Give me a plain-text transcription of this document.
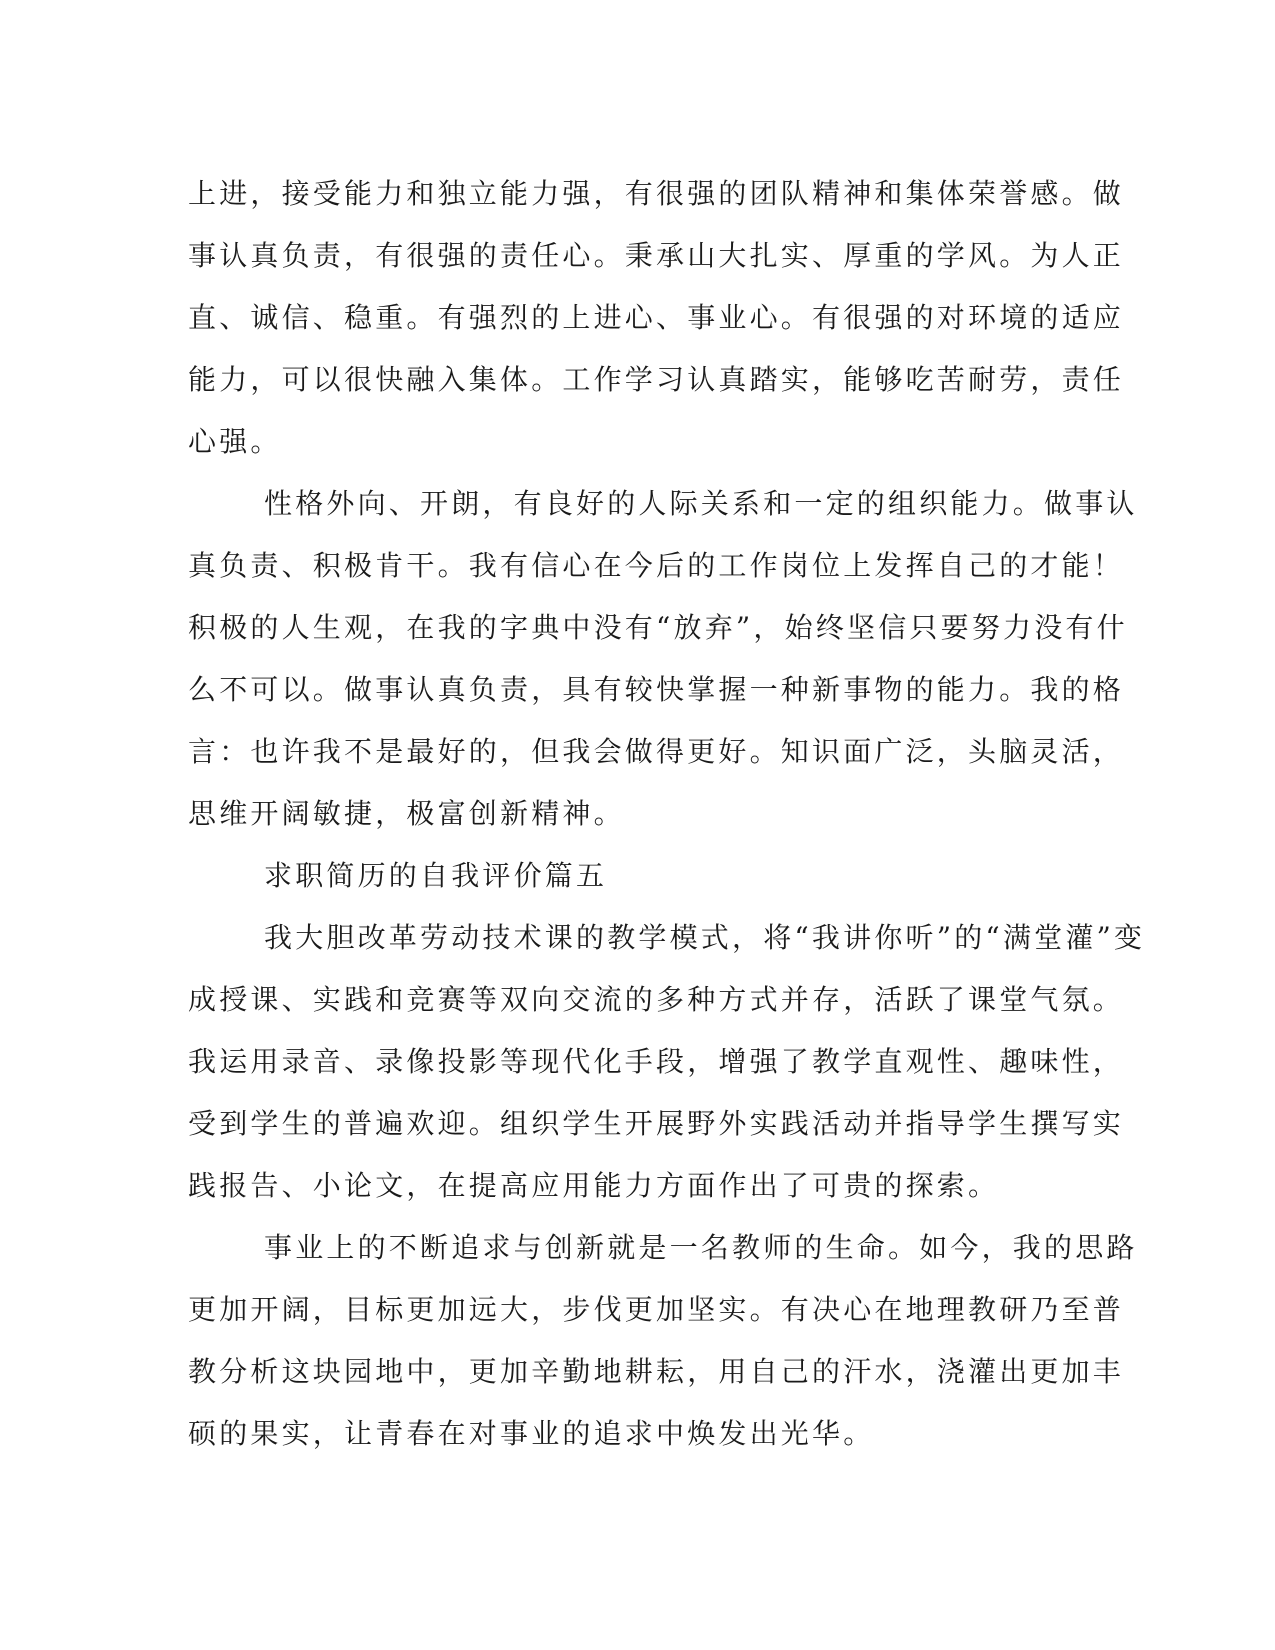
上进，接受能力和独立能力强，有很强的团队精神和集体荣誉感。做
事认真负责，有很强的责任心。秉承山大扎实、厚重的学风。为人正
直、诚信、稳重。有强烈的上进心、事业心。有很强的对环境的适应
能力，可以很快融入集体。工作学习认真踏实，能够吃苦耐劳，责任
心强。
性格外向、开朗，有良好的人际关系和一定的组织能力。做事认
真负责、积极肯干。我有信心在今后的工作岗位上发挥自己的才能！
积极的人生观，在我的字典中没有“放弃”，始终坚信只要努力没有什
么不可以。做事认真负责，具有较快掌握一种新事物的能力。我的格
言：也许我不是最好的，但我会做得更好。知识面广泛，头脑灵活，
思维开阔敏捷，极富创新精神。
求职简历的自我评价篇五
我大胆改革劳动技术课的教学模式，将“我讲你听”的“满堂灌”变
成授课、实践和竞赛等双向交流的多种方式并存，活跃了课堂气氛。
我运用录音、录像投影等现代化手段，增强了教学直观性、趣味性，
受到学生的普遍欢迎。组织学生开展野外实践活动并指导学生撰写实
践报告、小论文，在提高应用能力方面作出了可贵的探索。
事业上的不断追求与创新就是一名教师的生命。如今，我的思路
更加开阔，目标更加远大，步伐更加坚实。有决心在地理教研乃至普
教分析这块园地中，更加辛勤地耕耘，用自己的汗水，浇灌出更加丰
硕的果实，让青春在对事业的追求中焕发出光华。
